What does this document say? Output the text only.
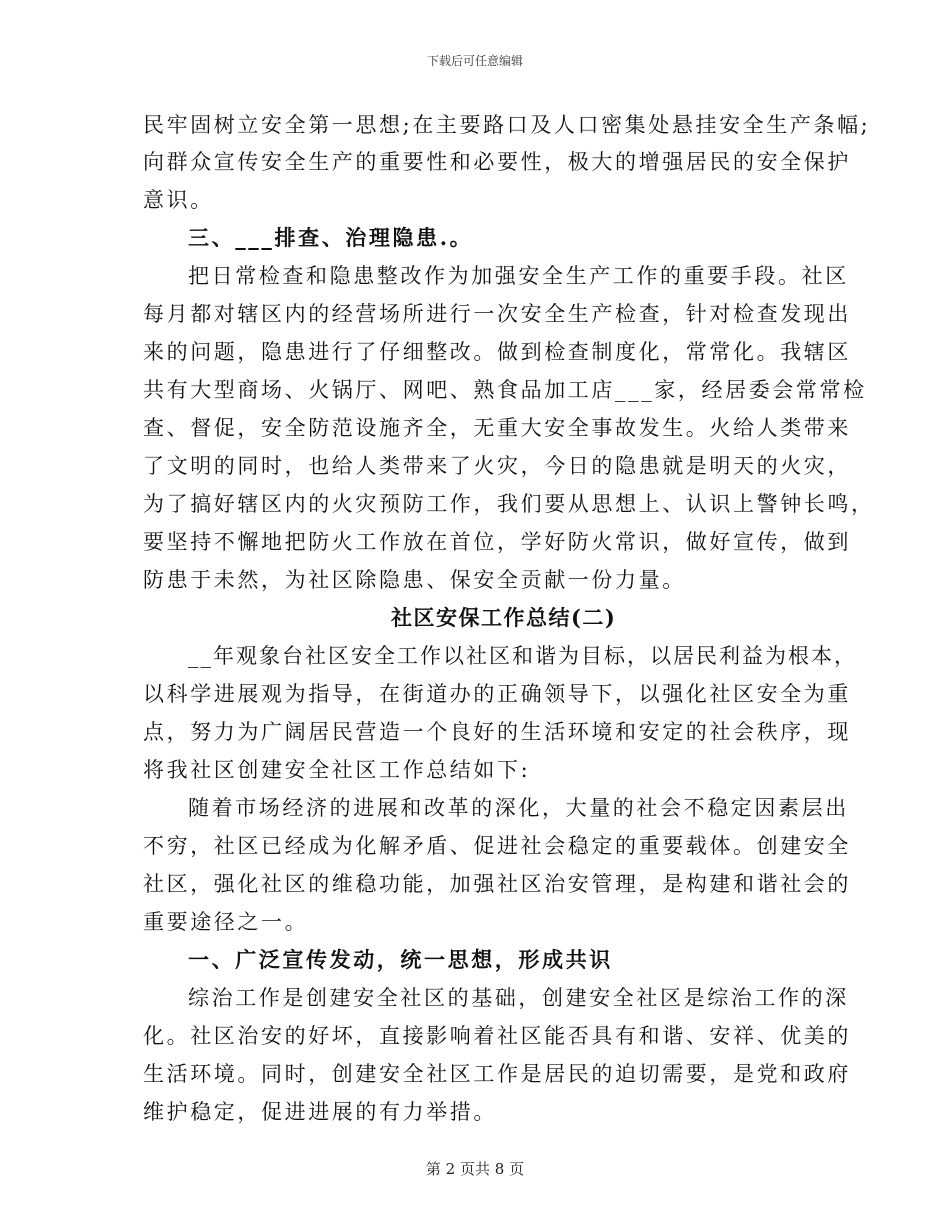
下载后可任意编辑
民牢固树立安全第一思想;在主要路口及人口密集处悬挂安全生产条幅;
向群众宣传安全生产的重要性和必要性，极大的增强居民的安全保护
意识。
三、___排查、治理隐患.。
把日常检查和隐患整改作为加强安全生产工作的重要手段。社区
每月都对辖区内的经营场所进行一次安全生产检查，针对检查发现出
来的问题，隐患进行了仔细整改。做到检查制度化，常常化。我辖区
共有大型商场、火锅厅、网吧、熟食品加工店___家，经居委会常常检
查、督促，安全防范设施齐全，无重大安全事故发生。火给人类带来
了文明的同时，也给人类带来了火灾，今日的隐患就是明天的火灾，
为了搞好辖区内的火灾预防工作，我们要从思想上、认识上警钟长鸣，
要坚持不懈地把防火工作放在首位，学好防火常识，做好宣传，做到
防患于未然，为社区除隐患、保安全贡献一份力量。
社区安保工作总结(二)
__年观象台社区安全工作以社区和谐为目标，以居民利益为根本，
以科学进展观为指导，在街道办的正确领导下，以强化社区安全为重
点，努力为广阔居民营造一个良好的生活环境和安定的社会秩序，现
将我社区创建安全社区工作总结如下:
随着市场经济的进展和改革的深化，大量的社会不稳定因素层出
不穷，社区已经成为化解矛盾、促进社会稳定的重要载体。创建安全
社区，强化社区的维稳功能，加强社区治安管理，是构建和谐社会的
重要途径之一。
一、广泛宣传发动，统一思想，形成共识
综治工作是创建安全社区的基础，创建安全社区是综治工作的深
化。社区治安的好坏，直接影响着社区能否具有和谐、安祥、优美的
生活环境。同时，创建安全社区工作是居民的迫切需要，是党和政府
维护稳定，促进进展的有力举措。
第 2 页共 8 页
